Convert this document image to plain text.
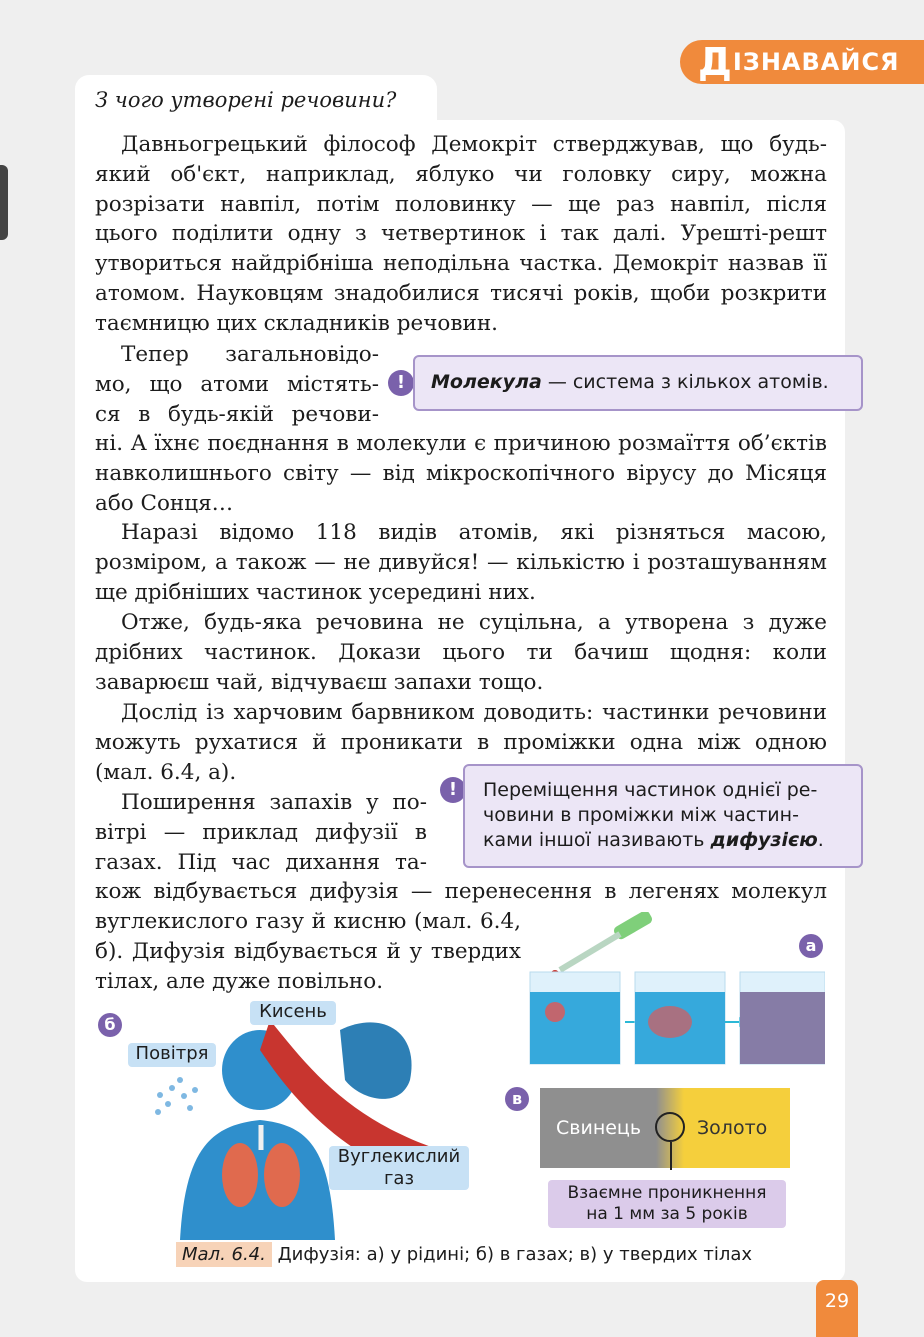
Д ІЗНАВАЙСЯ
З чого утворені речовини?

Давньогрецький філософ Демокріт стверджував, що будь-який об'єкт, наприклад, яблуко чи головку сиру, можна розрізати навпіл, потім половинку — ще раз навпіл, після цього поділити одну з четвертинок і так далі. Урешті-решт утвориться найдрібніша неподільна частка. Демокріт назвав її атомом. Науковцям знадобилися тисячі років, щоби розкрити таємницю цих складників речовин.

Тепер загальновідо-
мо, що атоми містять-
ся в будь-якій речови-
!	Молекула — система з кількох атомів.

ні. А їхнє поєднання в молекули є причиною розмаїття об’єктів навколишнього світу — від мікроскопічного вірусу до Місяця або Сонця…

Наразі відомо 118 видів атомів, які різняться масою, розміром, а також — не дивуйся! — кількістю і розташуванням ще дрібніших частинок усередині них.

Отже, будь-яка речовина не суцільна, а утворена з дуже дрібних частинок. Докази цього ти бачиш щодня: коли заварюєш чай, відчуваєш запахи тощо.

Дослід із харчовим барвником доводить: частинки речовини можуть рухатися й проникати в проміжки одна між одною (мал. 6.4, а).

Поширення запахів у по-
вітрі — приклад дифузії в
газах. Під час дихання та-
!	Переміщення частинок однієї ре-
човини в проміжки між частин-
ками іншої називають дифузією.
кож відбувається дифузія — перенесення в легенях молекул
вуглекислого газу й кисню (мал. 6.4,
б). Дифузія відбувається й у твердих
тілах, але дуже повільно.
а
б
Кисень
Повітря
Вуглекислий
газ
в
Свинець	Золото
Взаємне проникнення
на 1 мм за 5 років
Мал. 6.4. Дифузія: а) у рідині; б) в газах; в) у твердих тілах
29
